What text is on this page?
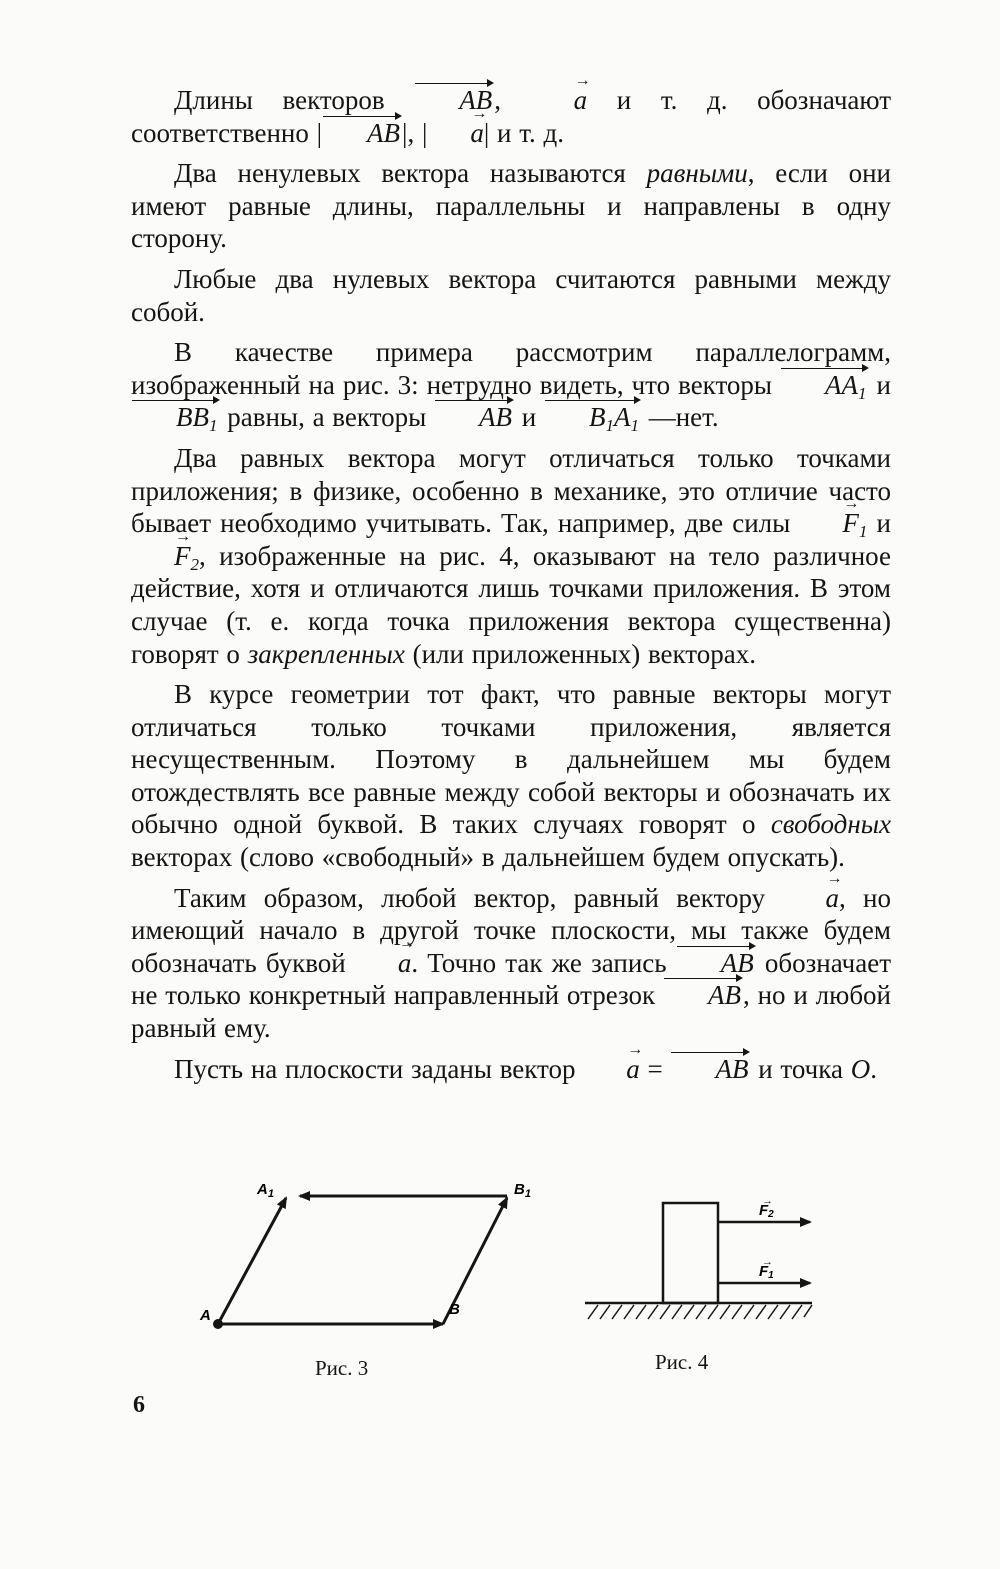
Длины векторов AB, → a и т. д. обозначают соответственно | AB|, |→ a| и т. д.

Два ненулевых вектора называются равными, если они имеют равные длины, параллельны и направлены в одну сторону.

Любые два нулевых вектора считаются равными между собой.

В качестве примера рассмотрим параллелограмм, изображенный на рис. 3: нетрудно видеть, что векторы $AA_1$ и $BB_1$ равны, а векторы AB и $B_1A_1$ —нет.

Два равных вектора могут отличаться только точками приложения; в физике, особенно в механике, это отличие часто бывает необходимо учитывать. Так, например, две силы → $F_1$ $и \to F_2$, изображенные на рис. 4, оказывают на тело различное действие, хотя и отличаются лишь точками приложения. В этом случае (т. е. когда точка приложения вектора существенна) говорят о закрепленных (или приложенных) векторах.

В курсе геометрии тот факт, что равные векторы могут отличаться только точками приложения, является несущественным. Поэтому в дальнейшем мы будем отождествлять все равные между собой векторы и обозначать их обычно одной буквой. В таких случаях говорят о свободных векторах (слово «свободный» в дальнейшем будем опускать).

Таким образом, любой вектор, равный вектору → a, но имеющий начало в другой точке плоскости, мы также будем обозначать буквой → a. Точно так же запись AB обозначает не только конкретный направленный отрезок AB, но и любой равный ему.

Пусть на плоскости заданы вектор → a = AB и точка O.

A	B
$A_1$	$B_1$
F2
F1
→
→
Рис. 3	Рис. 4
6
